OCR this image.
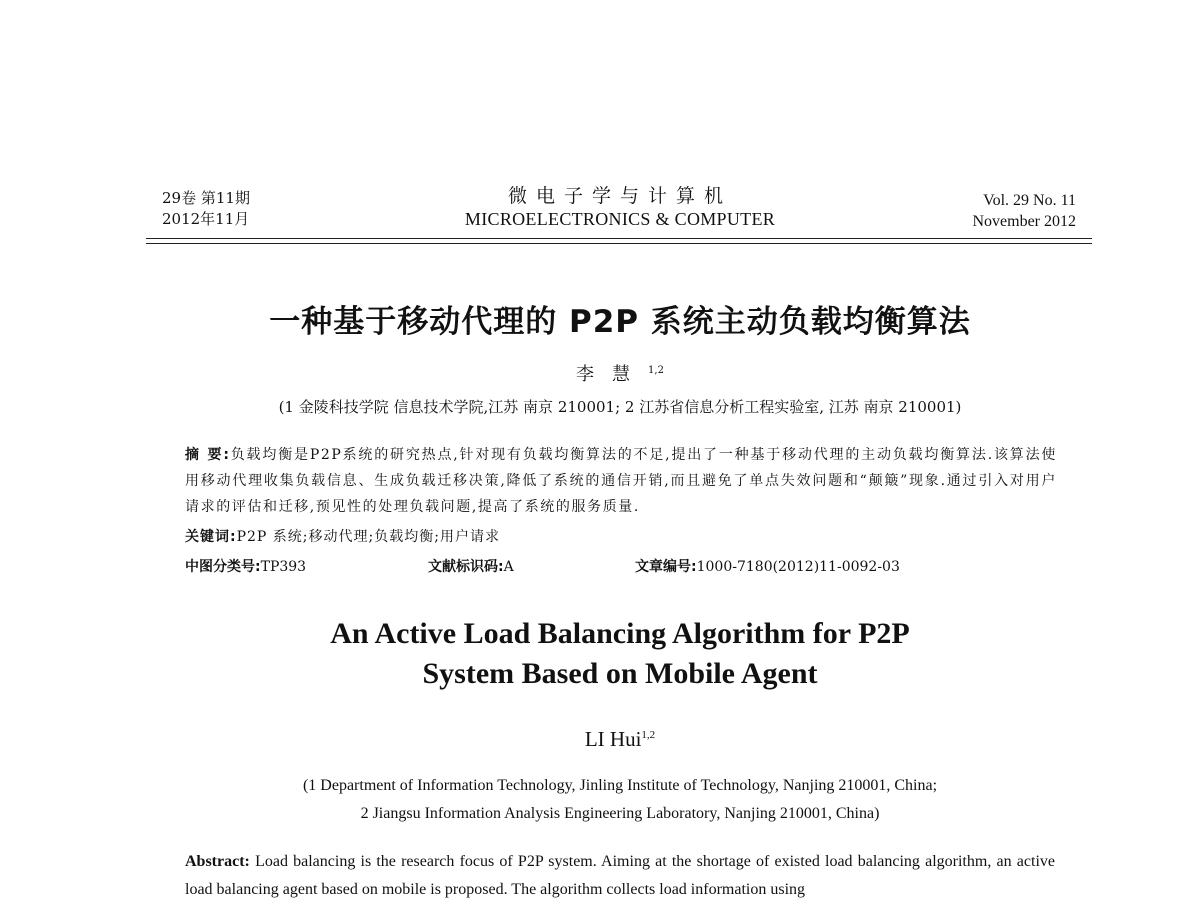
29卷 第11期
2012年11月
微电子学与计算机
MICROELECTRONICS & COMPUTER
Vol. 29 No. 11
November 2012
一种基于移动代理的 P2P 系统主动负载均衡算法
李慧$^{1,2}$
(1 金陵科技学院 信息技术学院,江苏 南京 210001; 2 江苏省信息分析工程实验室, 江苏 南京 210001)
摘 要:负载均衡是P2P系统的研究热点,针对现有负载均衡算法的不足,提出了一种基于移动代理的主动负载均衡算法.该算法使用移动代理收集负载信息、生成负载迁移决策,降低了系统的通信开销,而且避免了单点失效问题和“颠簸”现象.通过引入对用户请求的评估和迁移,预见性的处理负载问题,提高了系统的服务质量.
关键词:P2P 系统;移动代理;负载均衡;用户请求
中图分类号:TP393	文献标识码:A	文章编号:1000-7180(2012)11-0092-03
An Active Load Balancing Algorithm for P2P
System Based on Mobile Agent
LI Hui$^{1,2}$
(1 Department of Information Technology, Jinling Institute of Technology, Nanjing 210001, China;
2 Jiangsu Information Analysis Engineering Laboratory, Nanjing 210001, China)
Abstract: Load balancing is the research focus of P2P system. Aiming at the shortage of existed load balancing algorithm, an active load balancing agent based on mobile is proposed. The algorithm collects load information using
